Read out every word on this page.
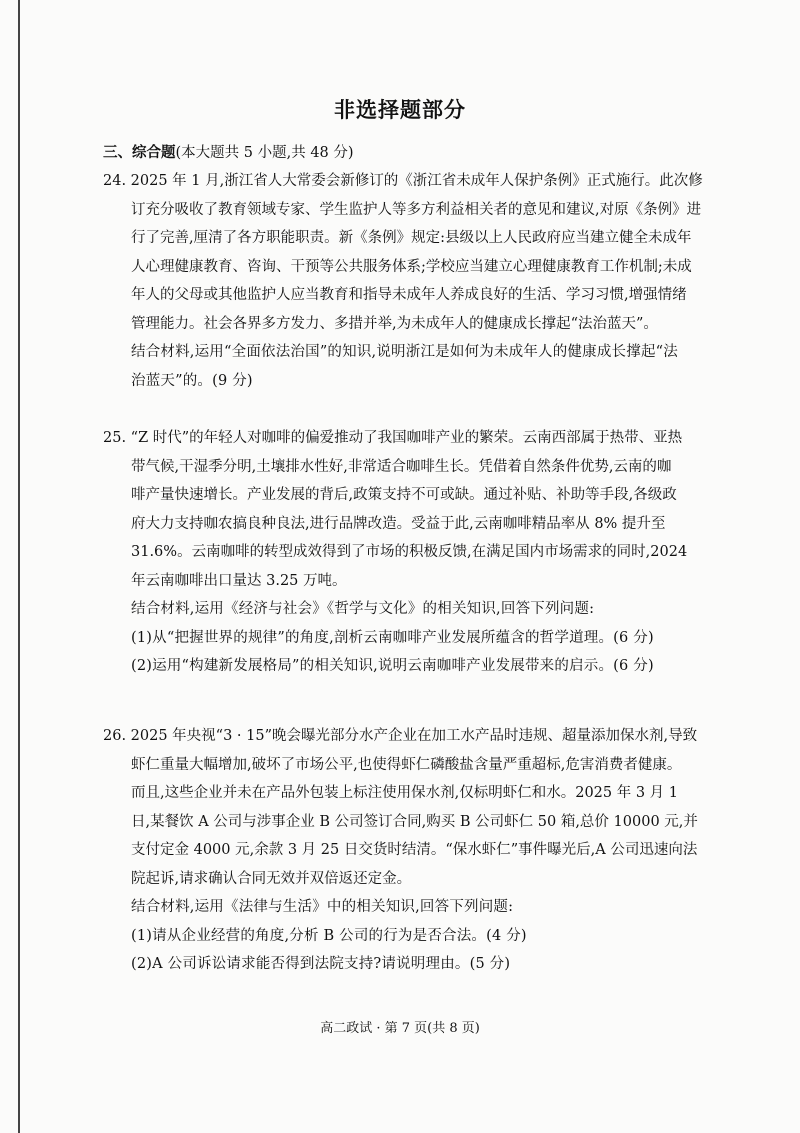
非选择题部分
三、综合题(本大题共 5 小题,共 48 分)
24. 2025 年 1 月,浙江省人大常委会新修订的《浙江省未成年人保护条例》正式施行。此次修
订充分吸收了教育领域专家、学生监护人等多方利益相关者的意见和建议,对原《条例》进
行了完善,厘清了各方职能职责。新《条例》规定:县级以上人民政府应当建立健全未成年
人心理健康教育、咨询、干预等公共服务体系;学校应当建立心理健康教育工作机制;未成
年人的父母或其他监护人应当教育和指导未成年人养成良好的生活、学习习惯,增强情绪
管理能力。社会各界多方发力、多措并举,为未成年人的健康成长撑起“法治蓝天”。
结合材料,运用“全面依法治国”的知识,说明浙江是如何为未成年人的健康成长撑起“法
治蓝天”的。(9 分)
25. “Z 时代”的年轻人对咖啡的偏爱推动了我国咖啡产业的繁荣。云南西部属于热带、亚热
带气候,干湿季分明,土壤排水性好,非常适合咖啡生长。凭借着自然条件优势,云南的咖
啡产量快速增长。产业发展的背后,政策支持不可或缺。通过补贴、补助等手段,各级政
府大力支持咖农搞良种良法,进行品牌改造。受益于此,云南咖啡精品率从 8% 提升至
31.6%。云南咖啡的转型成效得到了市场的积极反馈,在满足国内市场需求的同时,2024
年云南咖啡出口量达 3.25 万吨。
结合材料,运用《经济与社会》《哲学与文化》的相关知识,回答下列问题:
(1)从“把握世界的规律”的角度,剖析云南咖啡产业发展所蕴含的哲学道理。(6 分)
(2)运用“构建新发展格局”的相关知识,说明云南咖啡产业发展带来的启示。(6 分)
26. 2025 年央视“3 · 15”晚会曝光部分水产企业在加工水产品时违规、超量添加保水剂,导致
虾仁重量大幅增加,破坏了市场公平,也使得虾仁磷酸盐含量严重超标,危害消费者健康。
而且,这些企业并未在产品外包装上标注使用保水剂,仅标明虾仁和水。2025 年 3 月 1
日,某餐饮 A 公司与涉事企业 B 公司签订合同,购买 B 公司虾仁 50 箱,总价 10000 元,并
支付定金 4000 元,余款 3 月 25 日交货时结清。“保水虾仁”事件曝光后,A 公司迅速向法
院起诉,请求确认合同无效并双倍返还定金。
结合材料,运用《法律与生活》中的相关知识,回答下列问题:
(1)请从企业经营的角度,分析 B 公司的行为是否合法。(4 分)
(2)A 公司诉讼请求能否得到法院支持?请说明理由。(5 分)
高二政试 · 第 7 页(共 8 页)
